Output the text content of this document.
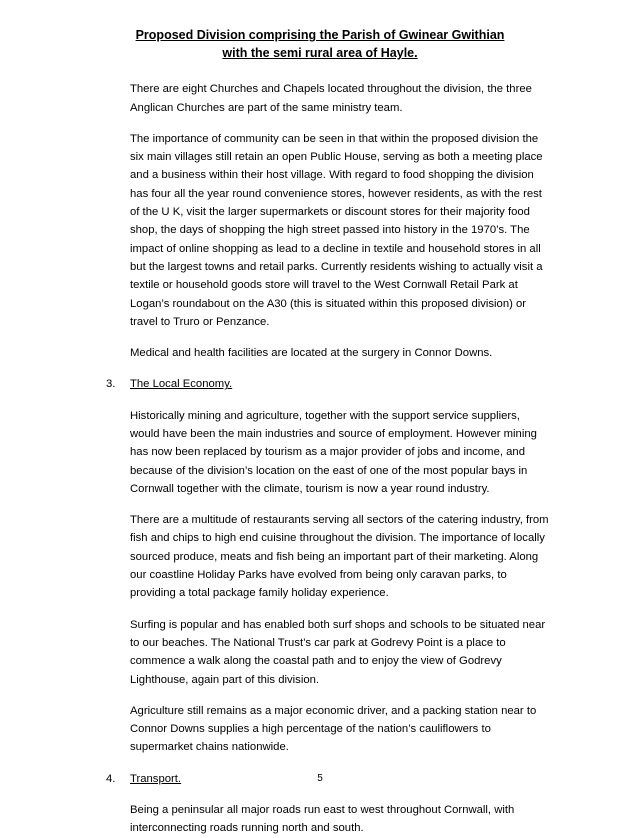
Proposed Division comprising the Parish of Gwinear Gwithian
with the semi rural area of Hayle.

There are eight Churches and Chapels located throughout the division, the three Anglican Churches are part of the same ministry team.

The importance of community can be seen in that within the proposed division the six main villages still retain an open Public House, serving as both a meeting place and a business within their host village. With regard to food shopping the division has four all the year round convenience stores, however residents, as with the rest of the U K, visit the larger supermarkets or discount stores for their majority food shop, the days of shopping the high street passed into history in the 1970’s. The impact of online shopping as lead to a decline in textile and household stores in all but the largest towns and retail parks. Currently residents wishing to actually visit a textile or household goods store will travel to the West Cornwall Retail Park at Logan’s roundabout on the A30 (this is situated within this proposed division) or travel to Truro or Penzance.

Medical and health facilities are located at the surgery in Connor Downs.

3.	The Local Economy.

Historically mining and agriculture, together with the support service suppliers, would have been the main industries and source of employment. However mining has now been replaced by tourism as a major provider of jobs and income, and because of the division’s location on the east of one of the most popular bays in Cornwall together with the climate, tourism is now a year round industry.

There are a multitude of restaurants serving all sectors of the catering industry, from fish and chips to high end cuisine throughout the division. The importance of locally sourced produce, meats and fish being an important part of their marketing. Along our coastline Holiday Parks have evolved from being only caravan parks, to providing a total package family holiday experience.

Surfing is popular and has enabled both surf shops and schools to be situated near to our beaches. The National Trust’s car park at Godrevy Point is a place to commence a walk along the coastal path and to enjoy the view of Godrevy Lighthouse, again part of this division.

Agriculture still remains as a major economic driver, and a packing station near to Connor Downs supplies a high percentage of the nation’s cauliflowers to supermarket chains nationwide.

4.	Transport.

Being a peninsular all major roads run east to west throughout Cornwall, with interconnecting roads running north and south.

5
